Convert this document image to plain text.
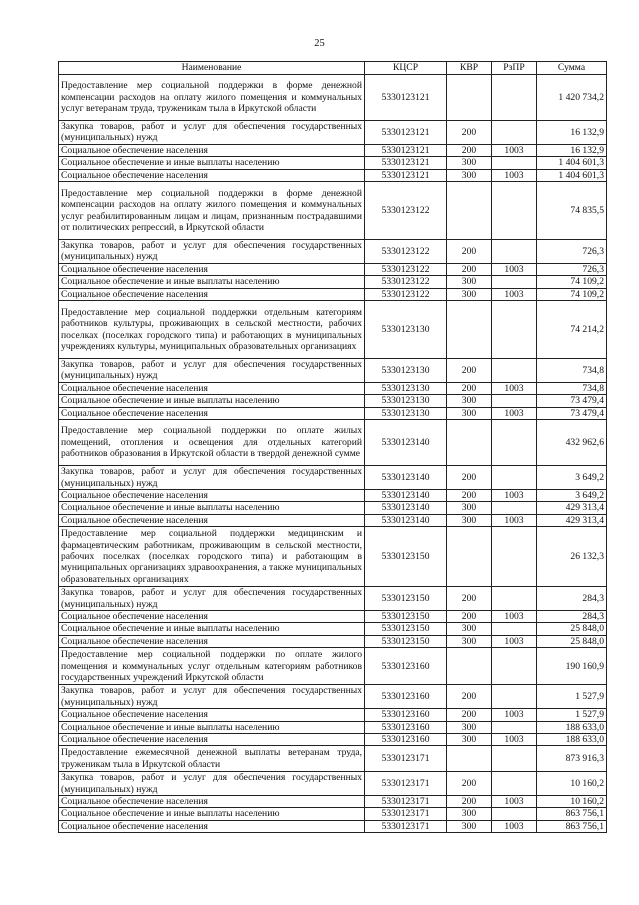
25
Наименование	КЦСР	КВР	РзПР	Сумма
Предоставление мер социальной поддержки в форме денежной компенсации расходов на оплату жилого помещения и коммунальных услуг ветеранам труда, труженикам тыла в Иркутской области	5330123121			1 420 734,2
Закупка товаров, работ и услуг для обеспечения государственных (муниципальных) нужд	5330123121	200		16 132,9
Социальное обеспечение населения	5330123121	200	1003	16 132,9
Социальное обеспечение и иные выплаты населению	5330123121	300		1 404 601,3
Социальное обеспечение населения	5330123121	300	1003	1 404 601,3
Предоставление мер социальной поддержки в форме денежной компенсации расходов на оплату жилого помещения и коммунальных услуг реабилитированным лицам и лицам, признанным пострадавшими от политических репрессий, в Иркутской области	5330123122			74 835,5
Закупка товаров, работ и услуг для обеспечения государственных (муниципальных) нужд	5330123122	200		726,3
Социальное обеспечение населения	5330123122	200	1003	726,3
Социальное обеспечение и иные выплаты населению	5330123122	300		74 109,2
Социальное обеспечение населения	5330123122	300	1003	74 109,2
Предоставление мер социальной поддержки отдельным категориям работников культуры, проживающих в сельской местности, рабочих поселках (поселках городского типа) и работающих в муниципальных учреждениях культуры, муниципальных образовательных организациях	5330123130			74 214,2
Закупка товаров, работ и услуг для обеспечения государственных (муниципальных) нужд	5330123130	200		734,8
Социальное обеспечение населения	5330123130	200	1003	734,8
Социальное обеспечение и иные выплаты населению	5330123130	300		73 479,4
Социальное обеспечение населения	5330123130	300	1003	73 479,4
Предоставление мер социальной поддержки по оплате жилых помещений, отопления и освещения для отдельных категорий работников образования в Иркутской области в твердой денежной сумме	5330123140			432 962,6
Закупка товаров, работ и услуг для обеспечения государственных (муниципальных) нужд	5330123140	200		3 649,2
Социальное обеспечение населения	5330123140	200	1003	3 649,2
Социальное обеспечение и иные выплаты населению	5330123140	300		429 313,4
Социальное обеспечение населения	5330123140	300	1003	429 313,4
Предоставление мер социальной поддержки медицинским и фармацевтическим работникам, проживающим в сельской местности, рабочих поселках (поселках городского типа) и работающим в муниципальных организациях здравоохранения, а также муниципальных образовательных организациях	5330123150			26 132,3
Закупка товаров, работ и услуг для обеспечения государственных (муниципальных) нужд	5330123150	200		284,3
Социальное обеспечение населения	5330123150	200	1003	284,3
Социальное обеспечение и иные выплаты населению	5330123150	300		25 848,0
Социальное обеспечение населения	5330123150	300	1003	25 848,0
Предоставление мер социальной поддержки по оплате жилого помещения и коммунальных услуг отдельным категориям работников государственных учреждений Иркутской области	5330123160			190 160,9
Закупка товаров, работ и услуг для обеспечения государственных (муниципальных) нужд	5330123160	200		1 527,9
Социальное обеспечение населения	5330123160	200	1003	1 527,9
Социальное обеспечение и иные выплаты населению	5330123160	300		188 633,0
Социальное обеспечение населения	5330123160	300	1003	188 633,0
Предоставление ежемесячной денежной выплаты ветеранам труда, труженикам тыла в Иркутской области	5330123171			873 916,3
Закупка товаров, работ и услуг для обеспечения государственных (муниципальных) нужд	5330123171	200		10 160,2
Социальное обеспечение населения	5330123171	200	1003	10 160,2
Социальное обеспечение и иные выплаты населению	5330123171	300		863 756,1
Социальное обеспечение населения	5330123171	300	1003	863 756,1
